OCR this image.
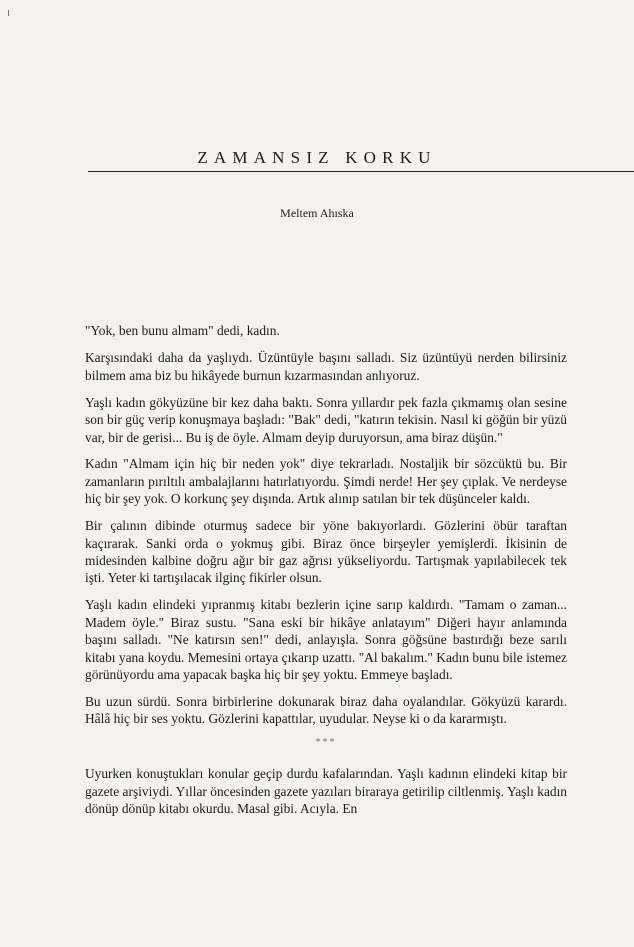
ZAMANSIZ KORKU

Meltem Ahıska

"Yok, ben bunu almam" dedi, kadın.

Karşısındaki daha da yaşlıydı. Üzüntüyle başını salladı. Siz üzüntüyü nerden bilirsiniz bilmem ama biz bu hikâyede burnun kızarmasından anlıyoruz.

Yaşlı kadın gökyüzüne bir kez daha baktı. Sonra yıllardır pek fazla çıkmamış olan sesine son bir güç verip konuşmaya başladı: "Bak" dedi, "katırın tekisin. Nasıl ki göğün bir yüzü var, bir de gerisi... Bu iş de öyle. Almam deyip duruyorsun, ama biraz düşün."

Kadın "Almam için hiç bir neden yok" diye tekrarladı. Nostaljik bir sözcüktü bu. Bir zamanların pırıltılı ambalajlarını hatırlatıyordu. Şimdi nerde! Her şey çıplak. Ve nerdeyse hiç bir şey yok. O korkunç şey dışında. Artık alınıp satılan bir tek düşünceler kaldı.

Bir çalının dibinde oturmuş sadece bir yöne bakıyorlardı. Gözlerini öbür taraftan kaçırarak. Sanki orda o yokmuş gibi. Biraz önce birşeyler yemişlerdi. İkisinin de midesinden kalbine doğru ağır bir gaz ağrısı yükseliyordu. Tartışmak yapılabilecek tek işti. Yeter ki tartışılacak ilginç fikirler olsun.

Yaşlı kadın elindeki yıpranmış kitabı bezlerin içine sarıp kaldırdı. "Tamam o zaman... Madem öyle." Biraz sustu. "Sana eski bir hikâye anlatayım" Diğeri hayır anlamında başını salladı. "Ne katırsın sen!" dedi, anlayışla. Sonra göğsüne bastırdığı beze sarılı kitabı yana koydu. Memesini ortaya çıkarıp uzattı. "Al bakalım." Kadın bunu bile istemez görünüyordu ama yapacak başka hiç bir şey yoktu. Emmeye başladı.

Bu uzun sürdü. Sonra birbirlerine dokunarak biraz daha oyalandılar. Gökyüzü karardı. Hâlâ hiç bir ses yoktu. Gözlerini kapattılar, uyudular. Neyse ki o da kararmıştı.

***

Uyurken konuştukları konular geçip durdu kafalarından. Yaşlı kadının elindeki kitap bir gazete arşiviydi. Yıllar öncesinden gazete yazıları biraraya getirilip ciltlenmiş. Yaşlı kadın dönüp dönüp kitabı okurdu. Masal gibi. Acıyla. En
